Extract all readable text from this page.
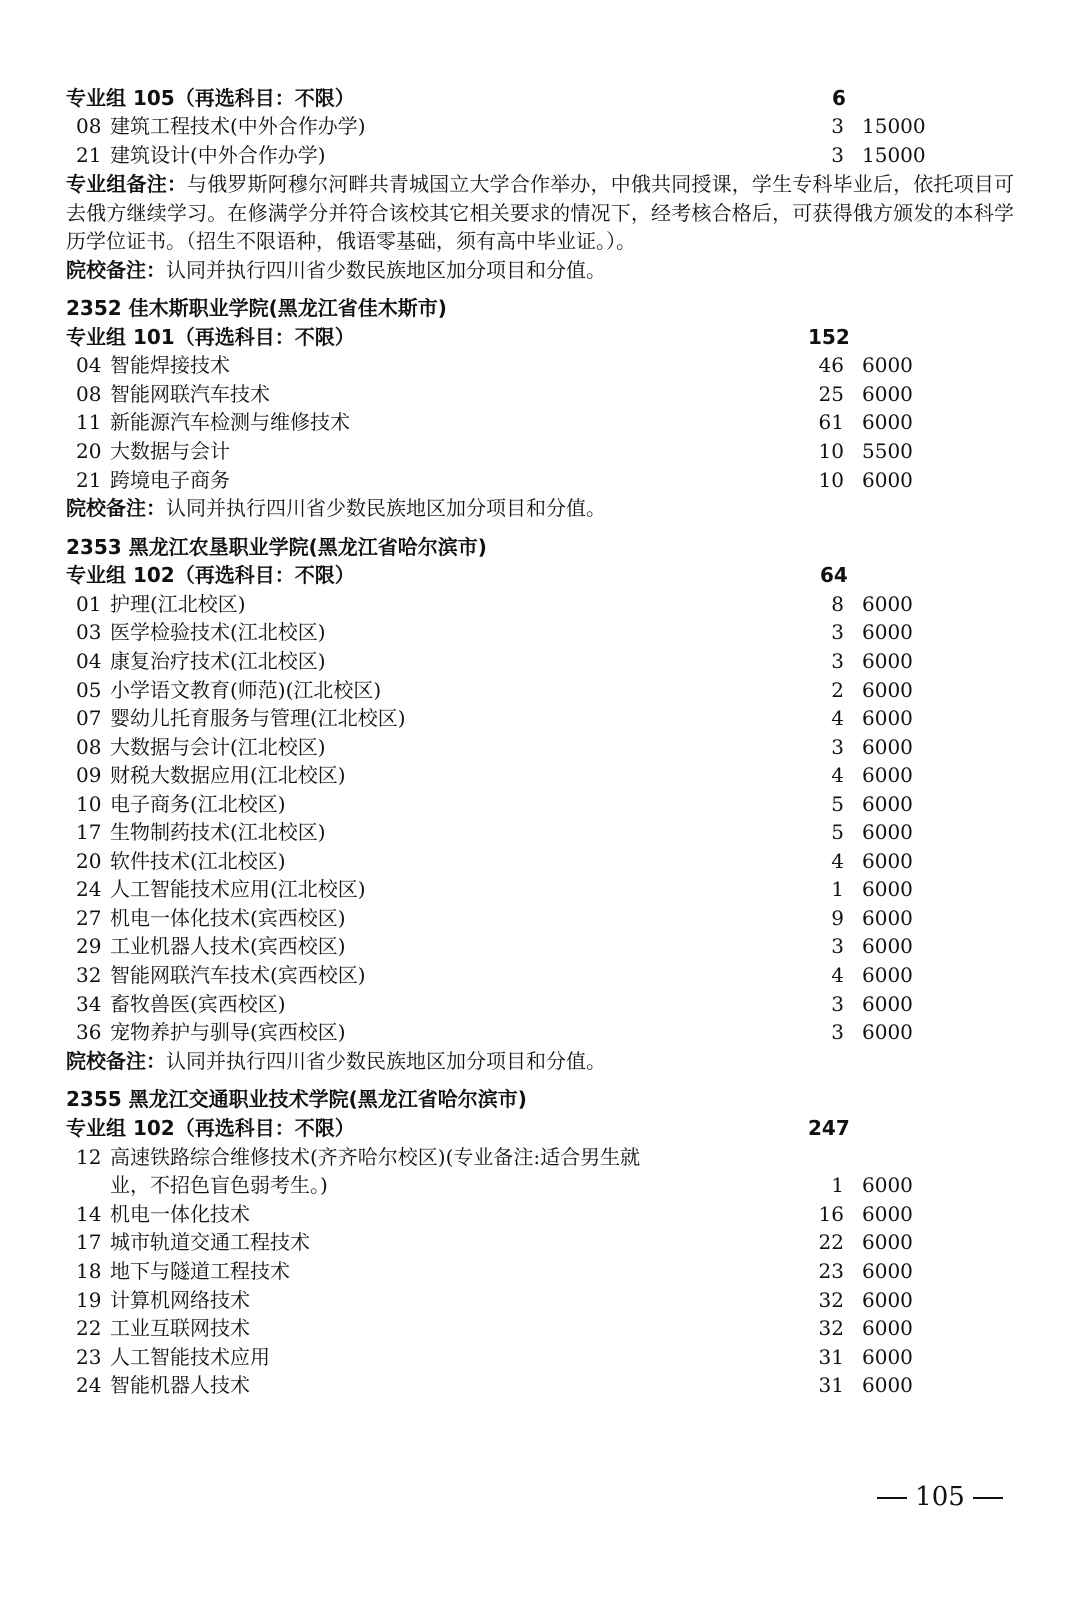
专业组 105（再选科目：不限）	6
08 建筑工程技术(中外合作办学)	3 15000
21 建筑设计(中外合作办学)	3 15000
专业组备注：与俄罗斯阿穆尔河畔共青城国立大学合作举办，中俄共同授课，学生专科毕业后，依托项目可去俄方继续学习。在修满学分并符合该校其它相关要求的情况下，经考核合格后，可获得俄方颁发的本科学历学位证书。（招生不限语种，俄语零基础，须有高中毕业证。）。
院校备注：认同并执行四川省少数民族地区加分项目和分值。
2352 佳木斯职业学院(黑龙江省佳木斯市)
专业组 101（再选科目：不限）	152
04 智能焊接技术	46 6000
08 智能网联汽车技术	25 6000
11 新能源汽车检测与维修技术	61 6000
20 大数据与会计	10 5500
21 跨境电子商务	10 6000
院校备注：认同并执行四川省少数民族地区加分项目和分值。
2353 黑龙江农垦职业学院(黑龙江省哈尔滨市)
专业组 102（再选科目：不限）	64
01 护理(江北校区)	8 6000
03 医学检验技术(江北校区)	3 6000
04 康复治疗技术(江北校区)	3 6000
05 小学语文教育(师范)(江北校区)	2 6000
07 婴幼儿托育服务与管理(江北校区)	4 6000
08 大数据与会计(江北校区)	3 6000
09 财税大数据应用(江北校区)	4 6000
10 电子商务(江北校区)	5 6000
17 生物制药技术(江北校区)	5 6000
20 软件技术(江北校区)	4 6000
24 人工智能技术应用(江北校区)	1 6000
27 机电一体化技术(宾西校区)	9 6000
29 工业机器人技术(宾西校区)	3 6000
32 智能网联汽车技术(宾西校区)	4 6000
34 畜牧兽医(宾西校区)	3 6000
36 宠物养护与驯导(宾西校区)	3 6000
院校备注：认同并执行四川省少数民族地区加分项目和分值。
2355 黑龙江交通职业技术学院(黑龙江省哈尔滨市)
专业组 102（再选科目：不限）	247
12 高速铁路综合维修技术(齐齐哈尔校区)(专业备注:适合男生就
业，不招色盲色弱考生。)	1 6000
14 机电一体化技术	16 6000
17 城市轨道交通工程技术	22 6000
18 地下与隧道工程技术	23 6000
19 计算机网络技术	32 6000
22 工业互联网技术	32 6000
23 人工智能技术应用	31 6000
24 智能机器人技术	31 6000
105
